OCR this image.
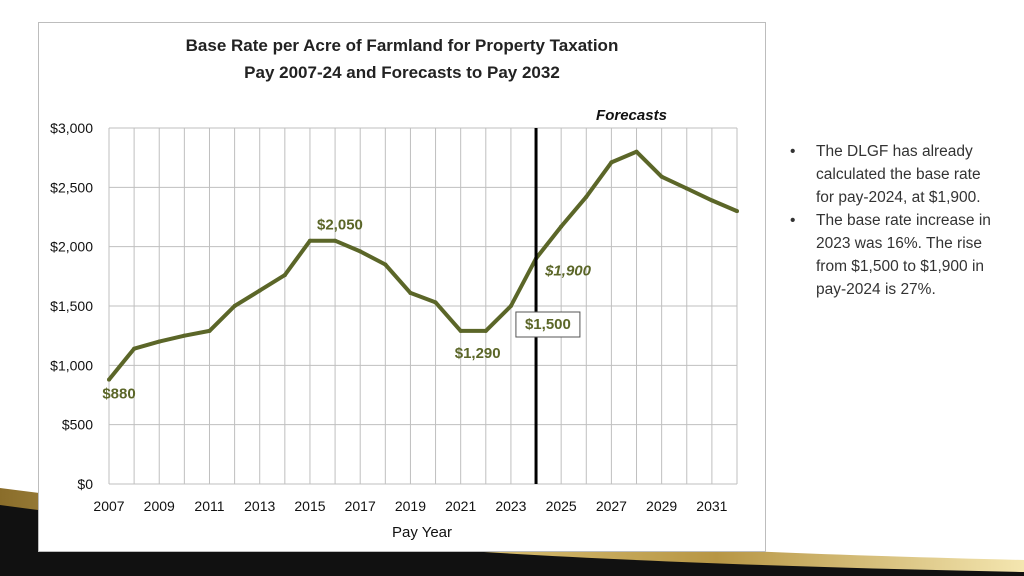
Base Rate per Acre of Farmland for Property Taxation
Pay 2007-24 and Forecasts to Pay 2032
$0
$500
$1,000
$1,500
$2,000
$2,500
$3,000
2007 2009 2011 2013 2015 2017 2019 2021 2023 2025 2027 2029 2031
Forecasts
$880
$2,050
$1,290
$1,500
$1,900
Pay Year
• The DLGF has already calculated the base rate for pay-2024, at $1,900.
• The base rate increase in 2023 was 16%. The rise from $1,500 to $1,900 in pay-2024 is 27%.
